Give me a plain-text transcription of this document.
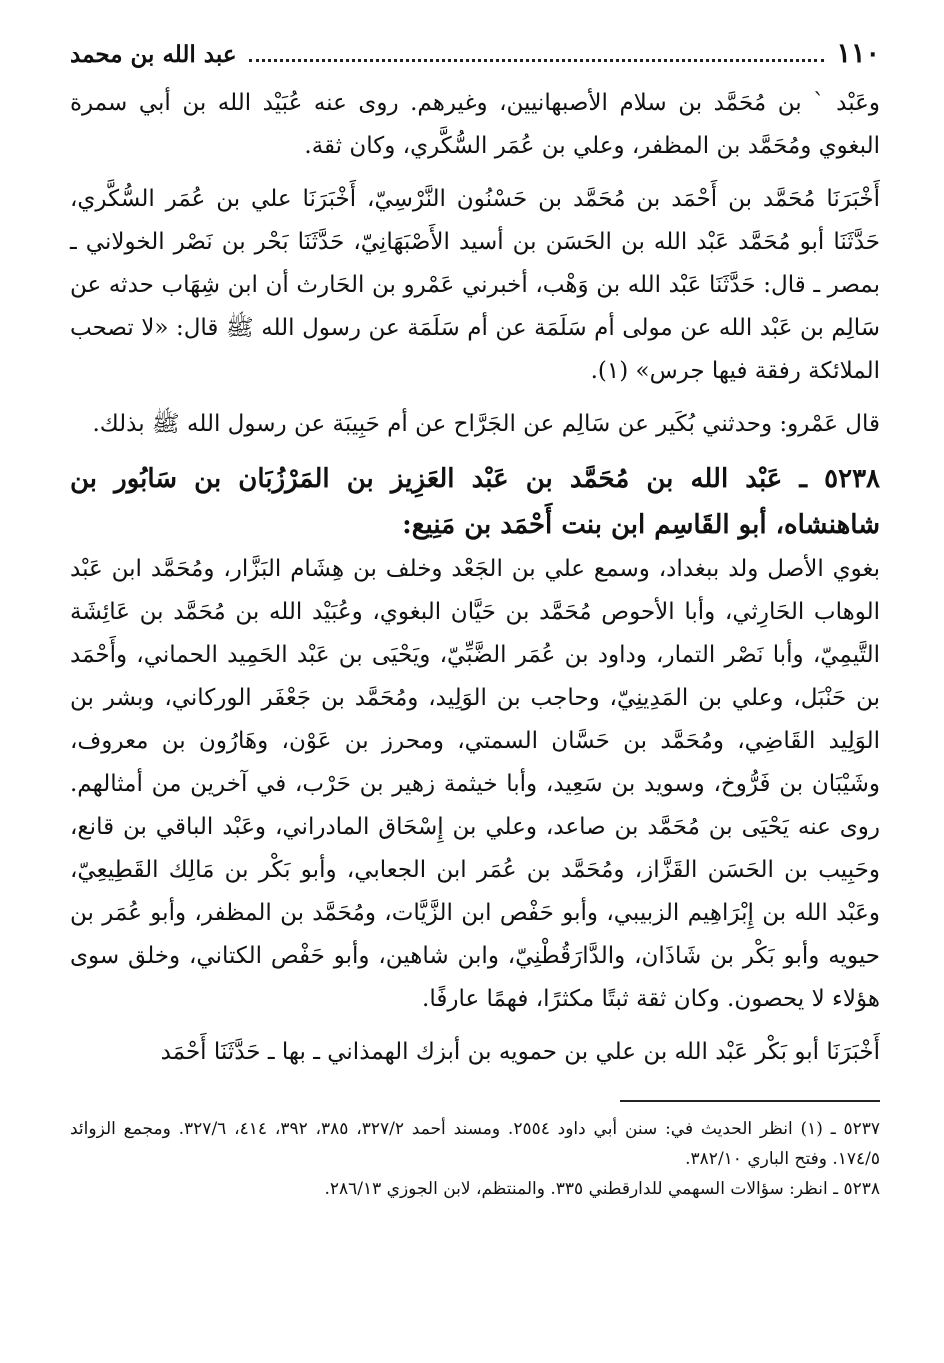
١١٠
عبد الله بن محمد

وعَبْد ` بن مُحَمَّد بن سلام الأصبهانيين، وغيرهم. روى عنه عُبَيْد الله بن أبي سمرة البغوي ومُحَمَّد بن المظفر، وعلي بن عُمَر السُّكَّري، وكان ثقة.

أَخْبَرَنَا مُحَمَّد بن أَحْمَد بن مُحَمَّد بن حَسْنُون النَّرْسِيّ، أَخْبَرَنَا علي بن عُمَر السُّكَّري، حَدَّثَنَا أبو مُحَمَّد عَبْد الله بن الحَسَن بن أسيد الأَصْبَهَانِيّ، حَدَّثَنَا بَحْر بن نَصْر الخولاني ـ بمصر ـ قال: حَدَّثَنَا عَبْد الله بن وَهْب، أخبرني عَمْرو بن الحَارث أن ابن شِهَاب حدثه عن سَالِم بن عَبْد الله عن مولى أم سَلَمَة عن أم سَلَمَة عن رسول الله ﷺ قال: «لا تصحب الملائكة رفقة فيها جرس» (١).

قال عَمْرو: وحدثني بُكَير عن سَالِم عن الجَرَّاح عن أم حَبِيبَة عن رسول الله ﷺ بذلك.

٥٢٣٨ ـ عَبْد الله بن مُحَمَّد بن عَبْد العَزِيز بن المَرْزُبَان بن سَابُور بن شاهنشاه، أبو القَاسِم ابن بنت أَحْمَد بن مَنِيع:

بغوي الأصل ولد ببغداد، وسمع علي بن الجَعْد وخلف بن هِشَام البَزَّار، ومُحَمَّد ابن عَبْد الوهاب الحَارِثي، وأبا الأحوص مُحَمَّد بن حَيَّان البغوي، وعُبَيْد الله بن مُحَمَّد بن عَائِشَة التَّيمِيّ، وأبا نَصْر التمار، وداود بن عُمَر الضَّبِّيّ، ويَحْيَى بن عَبْد الحَمِيد الحماني، وأَحْمَد بن حَنْبَل، وعلي بن المَدِينِيّ، وحاجب بن الوَلِيد، ومُحَمَّد بن جَعْفَر الوركاني، وبشر بن الوَلِيد القَاضِي، ومُحَمَّد بن حَسَّان السمتي، ومحرز بن عَوْن، وهَارُون بن معروف، وشَيْبَان بن فَرُّوخ، وسويد بن سَعِيد، وأبا خيثمة زهير بن حَرْب، في آخرين من أمثالهم. روى عنه يَحْيَى بن مُحَمَّد بن صاعد، وعلي بن إِسْحَاق المادراني، وعَبْد الباقي بن قانع، وحَبِيب بن الحَسَن القَزَّاز، ومُحَمَّد بن عُمَر ابن الجعابي، وأبو بَكْر بن مَالِك القَطِيعِيّ، وعَبْد الله بن إِبْرَاهِيم الزبيبي، وأبو حَفْص ابن الزَّيَّات، ومُحَمَّد بن المظفر، وأبو عُمَر بن حيويه وأبو بَكْر بن شَاذَان، والدَّارَقُطْنِيّ، وابن شاهين، وأبو حَفْص الكتاني، وخلق سوى هؤلاء لا يحصون. وكان ثقة ثبتًا مكثرًا، فهمًا عارفًا.

أَخْبَرَنَا أبو بَكْر عَبْد الله بن علي بن حمويه بن أبزك الهمذاني ـ بها ـ حَدَّثَنَا أَحْمَد

٥٢٣٧ ـ (١) انظر الحديث في: سنن أبي داود ٢٥٥٤. ومسند أحمد ٣٢٧/٢، ٣٨٥، ٣٩٢، ٤١٤، ٣٢٧/٦. ومجمع الزوائد ١٧٤/٥. وفتح الباري ٣٨٢/١٠.

٥٢٣٨ ـ انظر: سؤالات السهمي للدارقطني ٣٣٥. والمنتظم، لابن الجوزي ٢٨٦/١٣.
